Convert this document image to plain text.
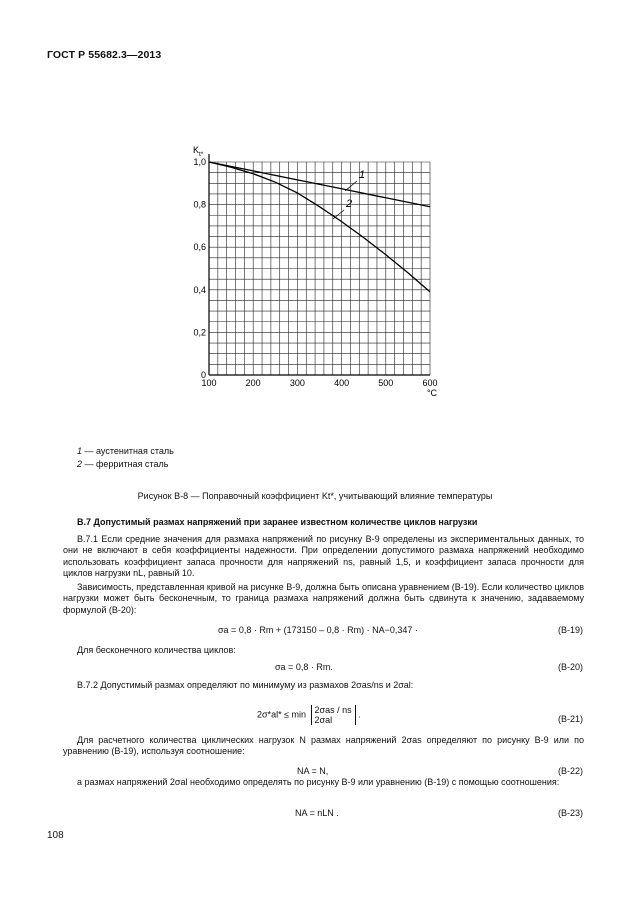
ГОСТ Р 55682.3—2013
100	200	300	400	500	600
0
0,2
0,4
0,6
0,8
1,0
K t*
°C
1
2
1 — аустенитная сталь
2 — ферритная сталь
Рисунок В-8 — Поправочный коэффициент Kt*, учитывающий влияние температуры
В.7 Допустимый размах напряжений при заранее известном количестве циклов нагрузки
В.7.1 Если средние значения для размаха напряжений по рисунку В-9 определены из экспериментальных данных, то они не включают в себя коэффициенты надежности. При определении допустимого размаха напряжений необходимо использовать коэффициент запаса прочности для напряжений ns, равный 1,5, и коэффициент запаса прочности для циклов нагрузки nL, равный 10.
Зависимость, представленная кривой на рисунке В-9, должна быть описана уравнением (В-19). Если количество циклов нагрузки может быть бесконечным, то граница размаха напряжений должна быть сдвинута к значению, задаваемому формулой (В-20):
σa = 0,8 · Rm + (173150 – 0,8 · Rm) · NA−0,347 ·	(В-19)
Для бесконечного количества циклов:
σa = 0,8 · Rm.	(В-20)
В.7.2 Допустимый размах определяют по минимуму из размахов 2σas/ns и 2σal:
2σ*al* ≤ min 2σas / ns
2σal .	(В-21)
Для расчетного количества циклических нагрузок N размах напряжений 2σas определяют по рисунку В-9 или по уравнению (В-19), используя соотношение:
NA = N,	(В-22)
а размах напряжений 2σal необходимо определять по рисунку В-9 или уравнению (В-19) с помощью соотношения:
NA = nLN .	(В-23)
108
